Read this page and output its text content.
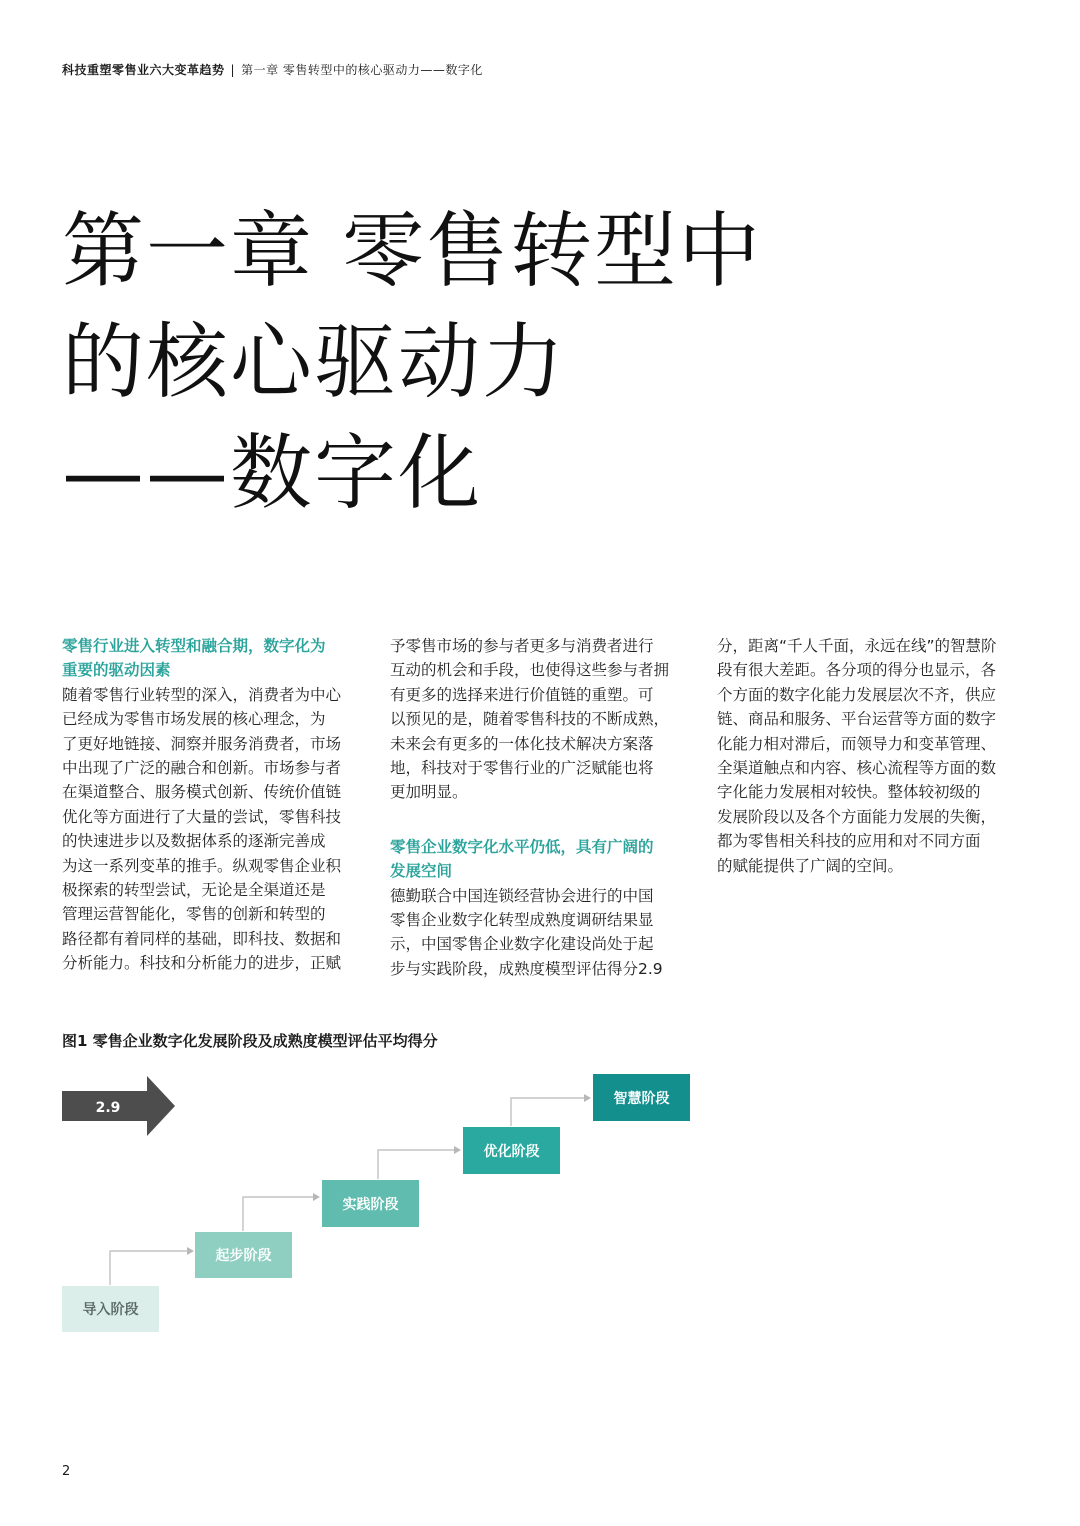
科技重塑零售业六大变革趋势 | 第一章 零售转型中的核心驱动力——数字化
第一章 零售转型中
的核心驱动力
——数字化
零售行业进入转型和融合期，数字化为
重要的驱动因素

随着零售行业转型的深入，消费者为中心
已经成为零售市场发展的核心理念，为
了更好地链接、洞察并服务消费者，市场
中出现了广泛的融合和创新。市场参与者
在渠道整合、服务模式创新、传统价值链
优化等方面进行了大量的尝试，零售科技
的快速进步以及数据体系的逐渐完善成
为这一系列变革的推手。纵观零售企业积
极探索的转型尝试，无论是全渠道还是
管理运营智能化，零售的创新和转型的
路径都有着同样的基础，即科技、数据和
分析能力。科技和分析能力的进步，正赋

予零售市场的参与者更多与消费者进行
互动的机会和手段，也使得这些参与者拥
有更多的选择来进行价值链的重塑。可
以预见的是，随着零售科技的不断成熟，
未来会有更多的一体化技术解决方案落
地，科技对于零售行业的广泛赋能也将
更加明显。

零售企业数字化水平仍低，具有广阔的
发展空间

德勤联合中国连锁经营协会进行的中国
零售企业数字化转型成熟度调研结果显
示，中国零售企业数字化建设尚处于起
步与实践阶段，成熟度模型评估得分2.9

分，距离“千人千面，永远在线”的智慧阶
段有很大差距。各分项的得分也显示，各
个方面的数字化能力发展层次不齐，供应
链、商品和服务、平台运营等方面的数字
化能力相对滞后，而领导力和变革管理、
全渠道触点和内容、核心流程等方面的数
字化能力发展相对较快。整体较初级的
发展阶段以及各个方面能力发展的失衡，
都为零售相关科技的应用和对不同方面
的赋能提供了广阔的空间。

图1 零售企业数字化发展阶段及成熟度模型评估平均得分
2.9
导入阶段
起步阶段
实践阶段
优化阶段
智慧阶段
2
